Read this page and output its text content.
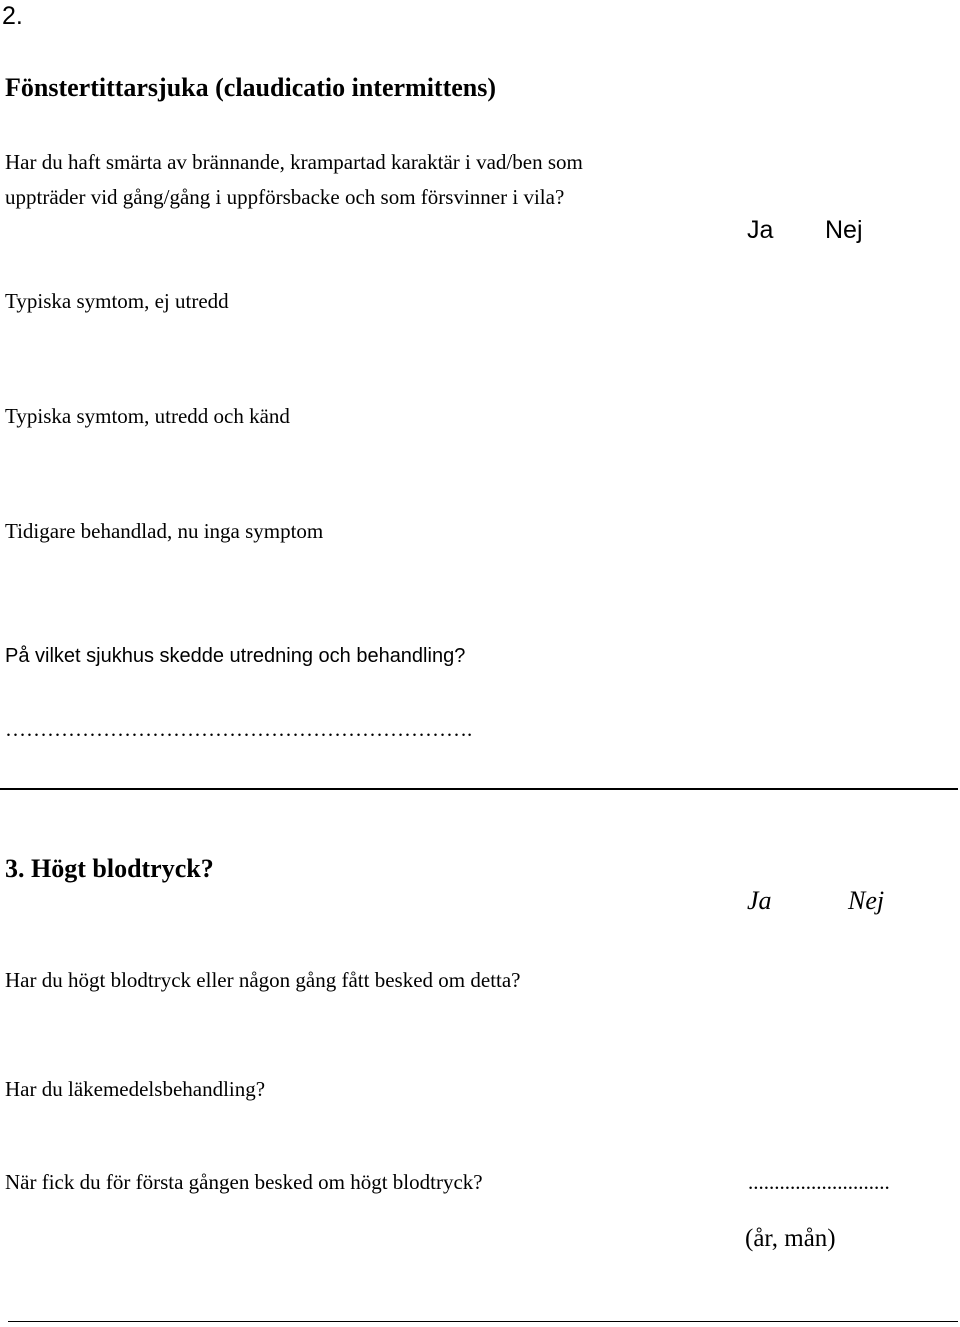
2.
Fönstertittarsjuka (claudicatio intermittens)
Har du haft smärta av brännande, krampartad karaktär i vad/ben som
uppträder vid gång/gång i uppförsbacke och som försvinner i vila?
Ja Nej
Typiska symtom, ej utredd
Typiska symtom, utredd och känd
Tidigare behandlad, nu inga symptom
På vilket sjukhus skedde utredning och behandling?
………………………………………………………….
3. Högt blodtryck?
Ja	Nej
Har du högt blodtryck eller någon gång fått besked om detta?
Har du läkemedelsbehandling?
När fick du för första gången besked om högt blodtryck?	...........................
(år, mån)
